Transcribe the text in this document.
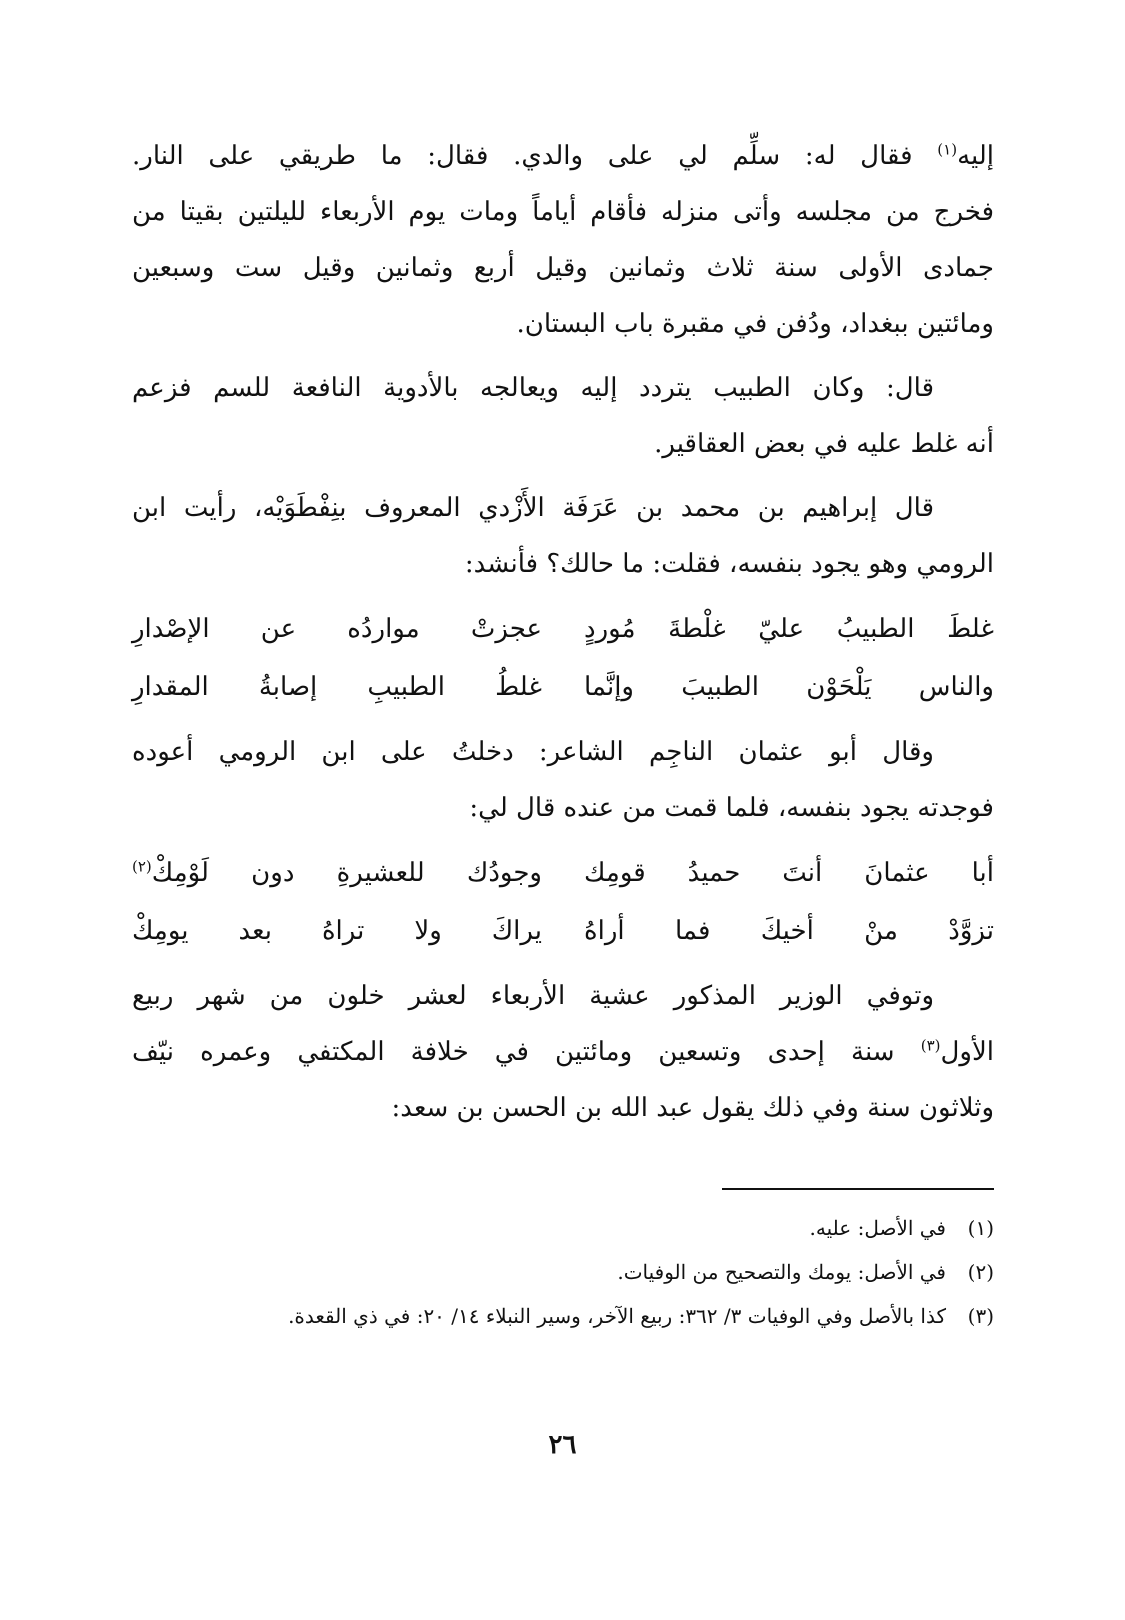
إليه$^{(١)}$ فقال له: سلِّم لي على والدي. فقال: ما طريقي على النار.
فخرج من مجلسه وأتى منزله فأقام أياماً ومات يوم الأربعاء لليلتين بقيتا من
جمادى الأولى سنة ثلاث وثمانين وقيل أربع وثمانين وقيل ست وسبعين
ومائتين ببغداد، ودُفن في مقبرة باب البستان.

قال: وكان الطبيب يتردد إليه ويعالجه بالأدوية النافعة للسم فزعم
أنه غلط عليه في بعض العقاقير.

قال إبراهيم بن محمد بن عَرَفَة الأَزْدي المعروف بنِفْطَوَيْه، رأيت ابن
الرومي وهو يجود بنفسه، فقلت: ما حالك؟ فأنشد:

غلطَ الطبيبُ عليّ غلْطةَ مُوردٍ
عجزتْ مواردُه عن الإصْدارِ
والناس يَلْحَوْن الطبيبَ وإنَّما
غلطُ الطبيبِ إصابةُ المقدارِ

وقال أبو عثمان الناجِم الشاعر: دخلتُ على ابن الرومي أعوده
فوجدته يجود بنفسه، فلما قمت من عنده قال لي:

أبا عثمانَ أنتَ حميدُ قومِك
وجودُك للعشيرةِ دون لَوْمِكْ$^{(٢)}$
تزوَّدْ منْ أخيكَ فما أراهُ
يراكَ ولا تراهُ بعد يومِكْ

وتوفي الوزير المذكور عشية الأربعاء لعشر خلون من شهر ربيع
الأول$^{(٣)}$ سنة إحدى وتسعين ومائتين في خلافة المكتفي وعمره نيّف
وثلاثون سنة وفي ذلك يقول عبد الله بن الحسن بن سعد:

(١)
في الأصل: عليه.
(٢)
في الأصل: يومك والتصحيح من الوفيات.
(٣)
كذا بالأصل وفي الوفيات ٣/ ٣٦٢: ربيع الآخر، وسير النبلاء ١٤/ ٢٠: في ذي القعدة.
٢٦
